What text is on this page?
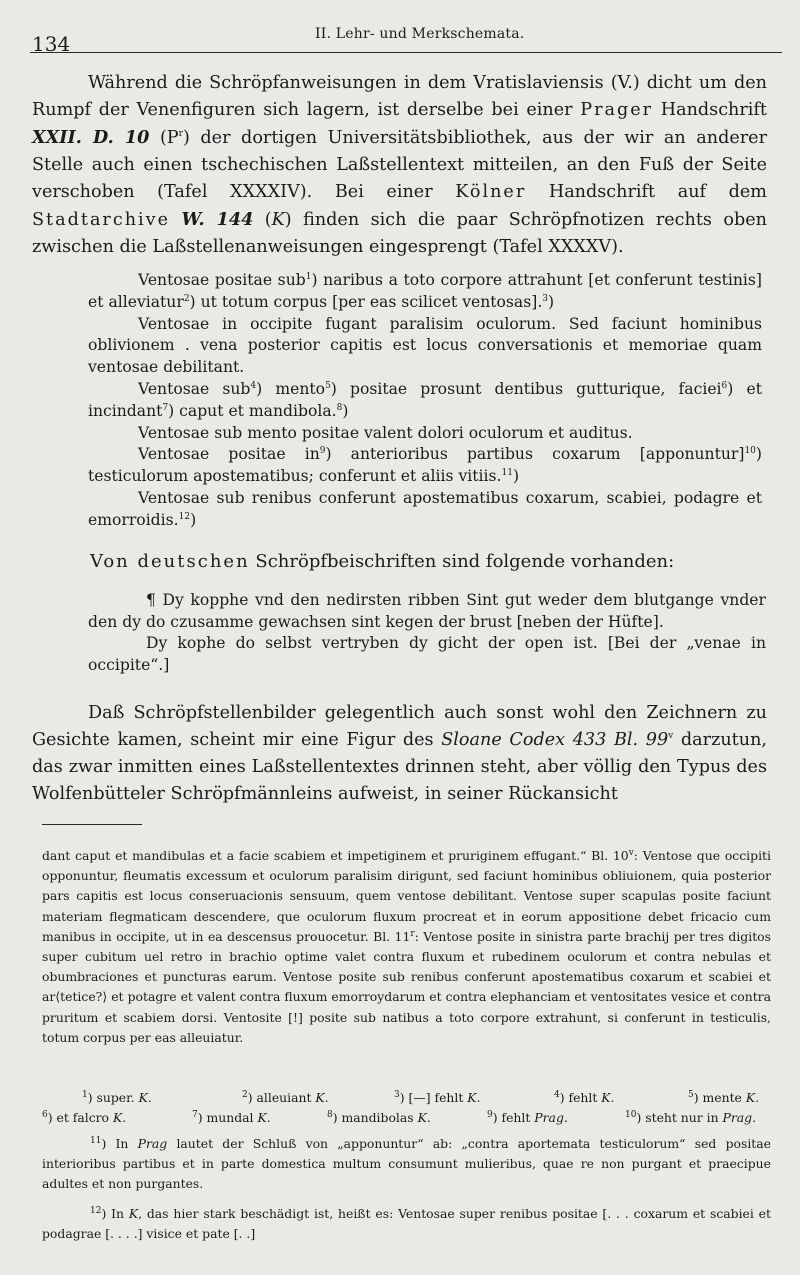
134	II. Lehr- und Merkschemata.

Während die Schröpfanweisungen in dem Vratislaviensis (V.) dicht um den Rumpf der Venenfiguren sich lagern, ist derselbe bei einer Prager Handschrift XXII. D. 10 $(P^r)$ der dortigen Universitätsbibliothek, aus der wir an anderer Stelle auch einen tschechischen Laßstellentext mitteilen, an den Fuß der Seite verschoben (Tafel XXXXIV). Bei einer Kölner Handschrift auf dem Stadtarchive W. 144 (K) finden sich die paar Schröpfnotizen rechts oben zwischen die Laßstellenanweisungen eingesprengt (Tafel XXXXV).

Ventosae positae sub$^1$) naribus a toto corpore attrahunt [et conferunt testinis] et alleviatur$^2$) ut totum corpus [per eas scilicet ventosas].$^3$)

Ventosae in occipite fugant paralisim oculorum. Sed faciunt hominibus oblivionem . vena posterior capitis est locus conversationis et memoriae quam ventosae debilitant.

Ventosae sub$^4$) mento$^5$) positae prosunt dentibus gutturique, faciei$^6$) et incindant$^7$) caput et mandibola.$^8$)

Ventosae sub mento positae valent dolori oculorum et auditus.

Ventosae positae $in^9$) anterioribus partibus coxarum [apponuntur]$^{10}$) testiculorum apostematibus; conferunt et aliis vitiis.$^{11}$)

Ventosae sub renibus conferunt apostematibus coxarum, scabiei, podagre et emorroidis.$^{12}$)

Von deutschen Schröpfbeischriften sind folgende vorhanden:

¶ Dy kopphe vnd den nedirsten ribben Sint gut weder dem blutgange vnder den dy do czusamme gewachsen sint kegen der brust [neben der Hüfte].

Dy kophe do selbst vertryben dy gicht der open ist. [Bei der „venae in occipite“.]

Daß Schröpfstellenbilder gelegentlich auch sonst wohl den Zeichnern zu Gesichte kamen, scheint mir eine Figur des Sloane Codex 433 Bl. 99$^v$ darzutun, das zwar inmitten eines Laßstellentextes drinnen steht, aber völlig den Typus des Wolfenbütteler Schröpfmännleins aufweist, in seiner Rückansicht

dant caput et mandibulas et a facie scabiem et impetiginem et pruriginem effugant.“ Bl. 10$^v$: Ventose que occipiti opponuntur, fleumatis excessum et oculorum paralisim dirigunt, sed faciunt hominibus obliuionem, quia posterior pars capitis est locus conseruacionis sensuum, quem ventose debilitant. Ventose super scapulas posite faciunt materiam flegmaticam descendere, que oculorum fluxum procreat et in eorum appositione debet fricacio cum manibus in occipite, ut in ea descensus prouocetur. Bl. 11$^r$: Ventose posite in sinistra parte brachij per tres digitos super cubitum uel retro in brachio optime valet contra fluxum et rubedinem oculorum et contra nebulas et obumbraciones et puncturas earum. Ventose posite sub renibus conferunt apostematibus coxarum et scabiei et ar⟨tetice?⟩ et potagre et valent contra fluxum emorroydarum et contra elephanciam et ventositates vesice et contra pruritum et scabiem dorsi. Ventosite [!] posite sub natibus a toto corpore extrahunt, si conferunt in testiculis, totum corpus per eas alleuiatur.

$^1$) super. K.	$^2$) alleuiant K.	$^3$) [—] fehlt K.	$^4$) fehlt K.	$^5$) mente K.
$^6$) et falcro K.	$^7$) mundal K.	$^8$) mandibolas K.	$^9$) fehlt Prag.	$^{10}$) steht nur in Prag.

$^{11}$) In Prag lautet der Schluß von „apponuntur“ ab: „contra aportemata testiculorum“ sed positae interioribus partibus et in parte domestica multum consumunt mulieribus, quae re non purgant et praecipue adultes et non purgantes.

$^{12}$) In K, das hier stark beschädigt ist, heißt es: Ventosae super renibus positae [. . . coxarum et scabiei et podagrae [. . . .] visice et pate [. .]
